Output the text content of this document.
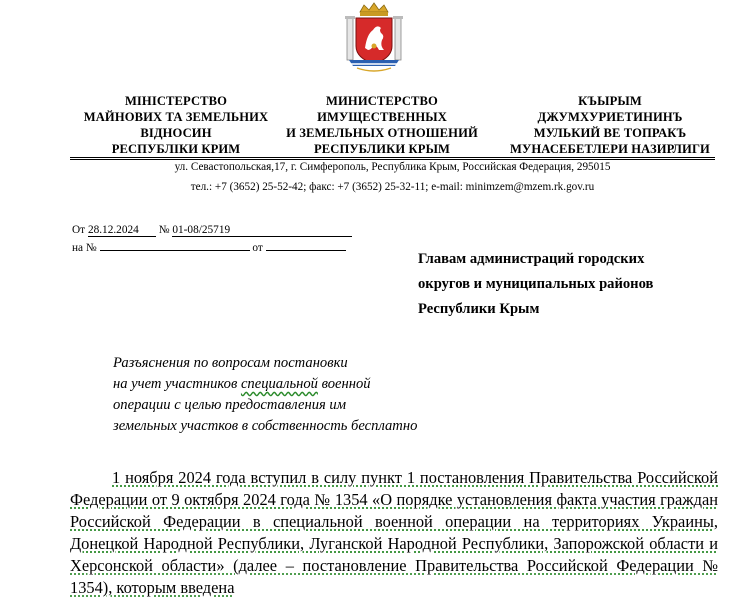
МІНІСТЕРСТВО
МАЙНОВИХ ТА ЗЕМЕЛЬНИХ
ВІДНОСИН
РЕСПУБЛІКИ КРИМ
МИНИСТЕРСТВО
ИМУЩЕСТВЕННЫХ
И ЗЕМЕЛЬНЫХ ОТНОШЕНИЙ
РЕСПУБЛИКИ КРЫМ
КЪЫРЫМ
ДЖУМХУРИЕТИНИНЪ
МУЛЬКИЙ ВЕ ТОПРАКЪ
МУНАСЕБЕТЛЕРИ НАЗИРЛИГИ
ул. Севастопольская,17, г. Симферополь, Республика Крым, Российская Федерация, 295015
тел.: +7 (3652) 25-52-42; факс: +7 (3652) 25-32-11; e-mail: minimzem@mzem.rk.gov.ru
От 28.12.2024 № 01-08/25719
на №	от
Главам администраций городских
округов и муниципальных районов
Республики Крым
Разъяснения по вопросам постановки
на учет участников специальной военной
операции с целью предоставления им
земельных участков в собственность бесплатно

1 ноября 2024 года вступил в силу пункт 1 постановления Правительства Российской Федерации от 9 октября 2024 года № 1354 «О порядке установления факта участия граждан Российской Федерации в специальной военной операции на территориях Украины, Донецкой Народной Республики, Луганской Народной Республики, Запорожской области и Херсонской области» (далее – постановление Правительства Российской Федерации № 1354), которым введена
